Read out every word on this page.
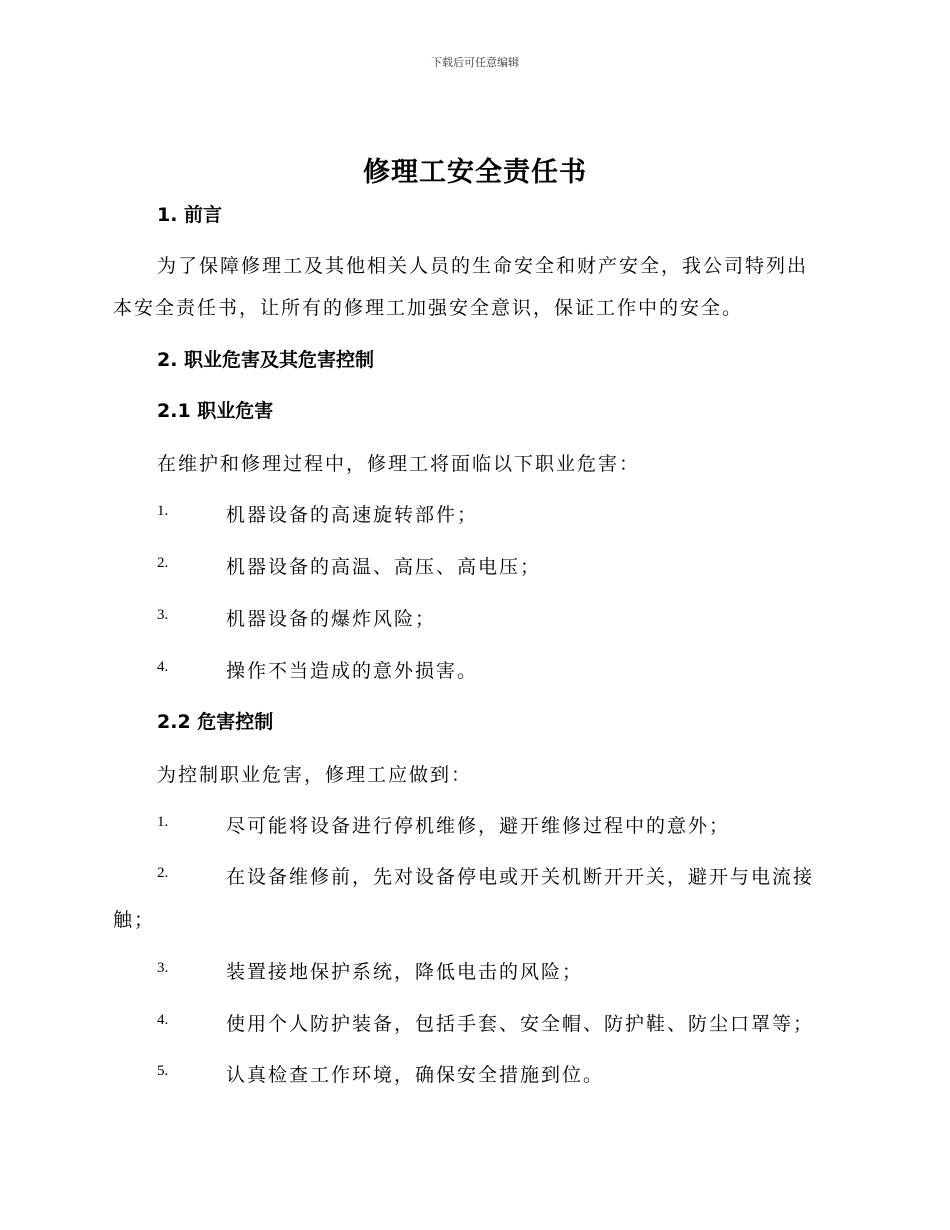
下载后可任意编辑
修理工安全责任书
1. 前言
为了保障修理工及其他相关人员的生命安全和财产安全，我公司特列出
本安全责任书，让所有的修理工加强安全意识，保证工作中的安全。
2. 职业危害及其危害控制
2.1 职业危害
在维护和修理过程中，修理工将面临以下职业危害：
1.	机器设备的高速旋转部件；
2.	机器设备的高温、高压、高电压；
3.	机器设备的爆炸风险；
4.	操作不当造成的意外损害。
2.2 危害控制
为控制职业危害，修理工应做到：
1.	尽可能将设备进行停机维修，避开维修过程中的意外；
2.	在设备维修前，先对设备停电或开关机断开开关，避开与电流接
触；
3.	装置接地保护系统，降低电击的风险；
4.	使用个人防护装备，包括手套、安全帽、防护鞋、防尘口罩等；
5.	认真检查工作环境，确保安全措施到位。
